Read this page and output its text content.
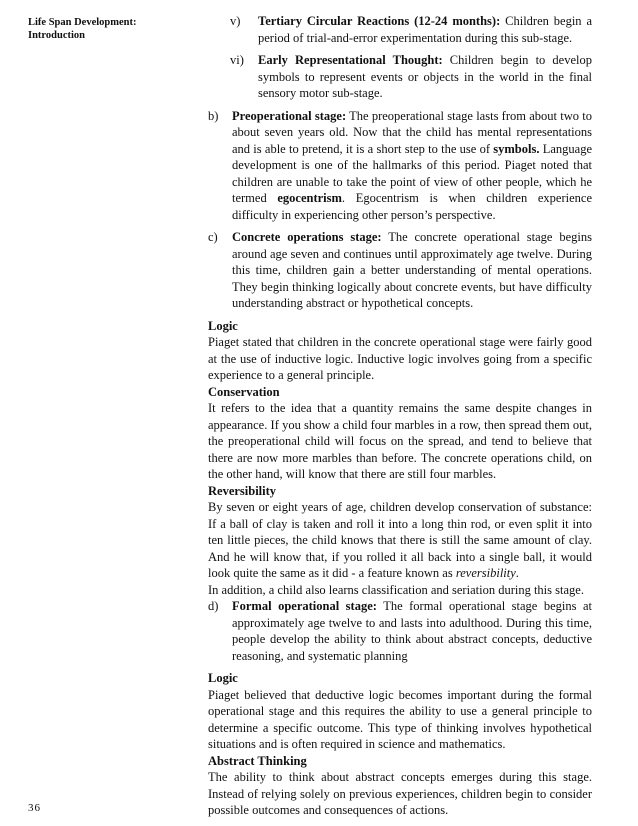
Life Span Development:
Introduction
36
v)	Tertiary Circular Reactions (12-24 months): Children begin a period of trial-and-error experimentation during this sub-stage.

vi)	Early Representational Thought: Children begin to develop symbols to represent events or objects in the world in the final sensory motor sub-stage.

b)	Preoperational stage: The preoperational stage lasts from about two to about seven years old. Now that the child has mental representations and is able to pretend, it is a short step to the use of symbols. Language development is one of the hallmarks of this period. Piaget noted that children are unable to take the point of view of other people, which he termed egocentrism. Egocentrism is when children experience difficulty in experiencing other person’s perspective.

c)	Concrete operations stage: The concrete operational stage begins around age seven and continues until approximately age twelve. During this time, children gain a better understanding of mental operations. They begin thinking logically about concrete events, but have difficulty understanding abstract or hypothetical concepts.

Logic

Piaget stated that children in the concrete operational stage were fairly good at the use of inductive logic. Inductive logic involves going from a specific experience to a general principle.

Conservation

It refers to the idea that a quantity remains the same despite changes in appearance. If you show a child four marbles in a row, then spread them out, the preoperational child will focus on the spread, and tend to believe that there are now more marbles than before. The concrete operations child, on the other hand, will know that there are still four marbles.

Reversibility

By seven or eight years of age, children develop conservation of substance: If a ball of clay is taken and roll it into a long thin rod, or even split it into ten little pieces, the child knows that there is still the same amount of clay. And he will know that, if you rolled it all back into a single ball, it would look quite the same as it did - a feature known as reversibility.

In addition, a child also learns classification and seriation during this stage.

d)	Formal operational stage: The formal operational stage begins at approximately age twelve to and lasts into adulthood. During this time, people develop the ability to think about abstract concepts, deductive reasoning, and systematic planning

Logic

Piaget believed that deductive logic becomes important during the formal operational stage and this requires the ability to use a general principle to determine a specific outcome. This type of thinking involves hypothetical situations and is often required in science and mathematics.

Abstract Thinking

The ability to think about abstract concepts emerges during this stage. Instead of relying solely on previous experiences, children begin to consider possible outcomes and consequences of actions.
